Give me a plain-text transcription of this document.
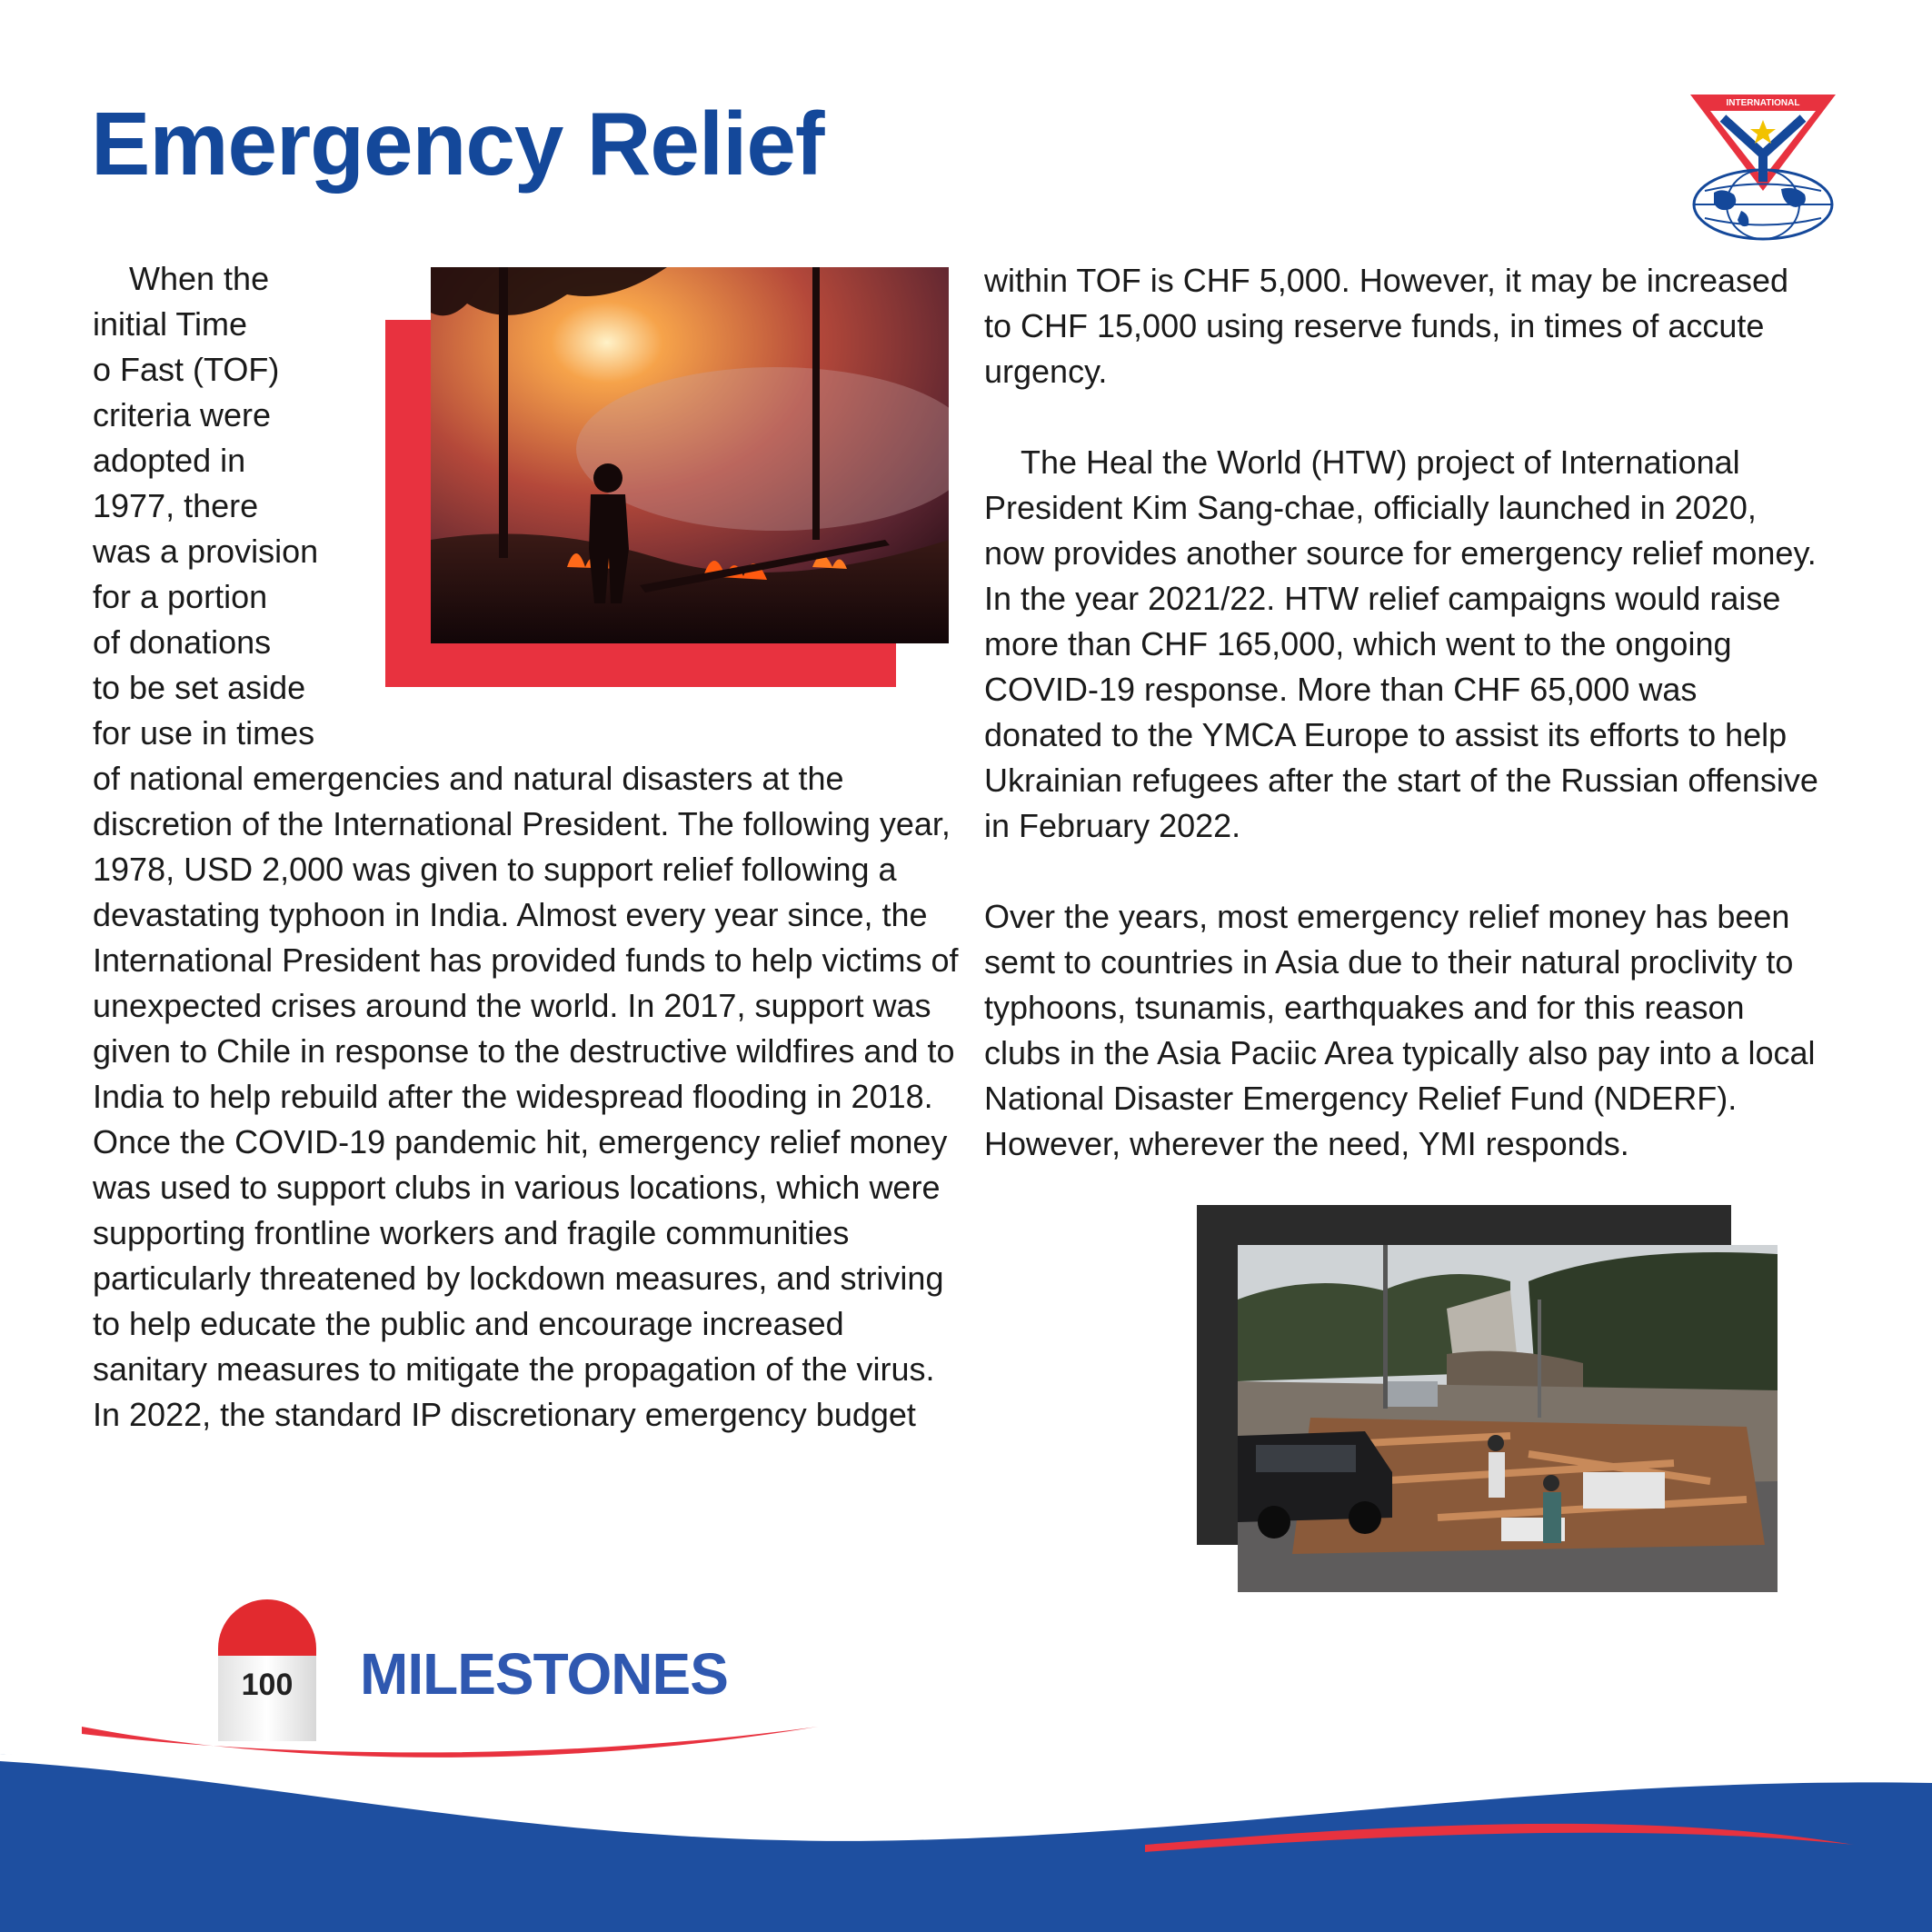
Emergency Relief	INTERNATIONAL
When the
initial Time
o Fast (TOF)
criteria were
adopted in
1977, there
was a provision
for a portion
of donations
to be set aside
for use in times

of national emergencies and natural disasters at the discretion of the International President. The following year, 1978, USD 2,000 was given to support relief following a devastating typhoon in India. Almost every year since, the International President has provided funds to help victims of unexpected crises around the world. In 2017, support was given to Chile in response to the destructive wildfires and to India to help rebuild after the widespread flooding in 2018. Once the COVID-19 pandemic hit, emergency relief money was used to support clubs in various locations, which were supporting frontline workers and fragile communities particularly threatened by lockdown measures, and striving to help educate the public and encourage increased sanitary measures to mitigate the propagation of the virus. In 2022, the standard IP discretionary emergency budget

within TOF is CHF 5,000. However, it may be increased to CHF 15,000 using reserve funds, in times of accute urgency.

The Heal the World (HTW) project of International President Kim Sang-chae, officially launched in 2020, now provides another source for emergency relief money. In the year 2021/22. HTW relief campaigns would raise more than CHF 165,000, which went to the ongoing COVID-19 response. More than CHF 65,000 was donated to the YMCA Europe to assist its efforts to help Ukrainian refugees after the start of the Russian offensive in February 2022.

Over the years, most emergency relief money has been semt to countries in Asia due to their natural proclivity to typhoons, tsunamis, earthquakes and for this reason clubs in the Asia Paciic Area typically also pay into a local National Disaster Emergency Relief Fund (NDERF). However, wherever the need, YMI responds.

100	MILESTONES
